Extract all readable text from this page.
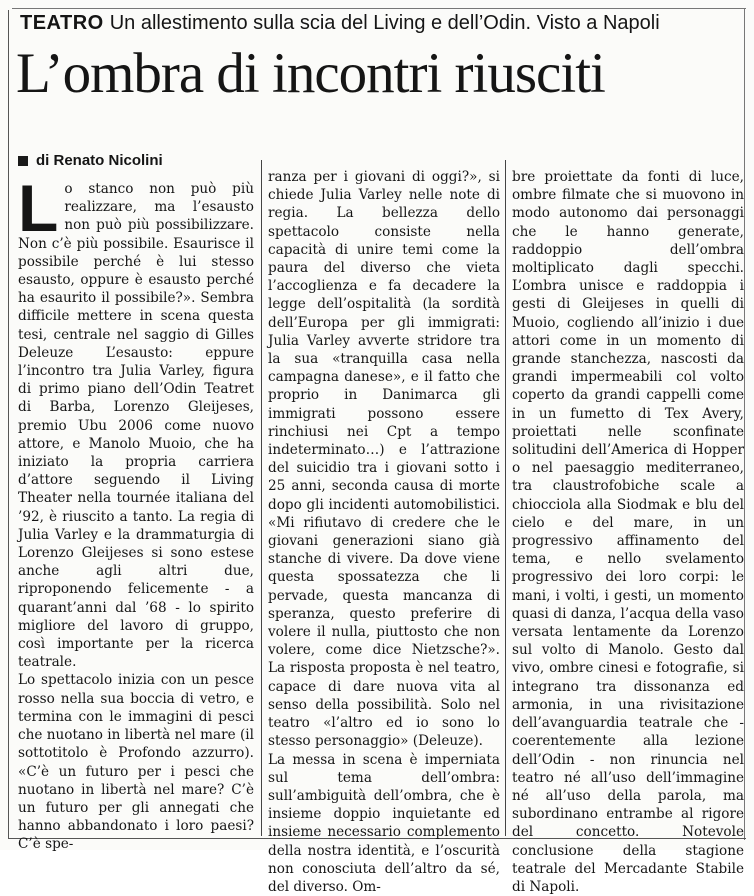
TEATRO Un allestimento sulla scia del Living e dell’Odin. Visto a Napoli
L’ombra di incontri riusciti
di Renato Nicolini

Lo stanco non può più realizzare, ma l’esausto non può più possibilizzare. Non c’è più possibile. Esaurisce il possibile perché è lui stesso esausto, oppure è esausto perché ha esaurito il possibile?». Sembra difficile mettere in scena questa tesi, centrale nel saggio di Gilles Deleuze L’esausto: eppure l’incontro tra Julia Varley, figura di primo piano dell’Odin Teatret di Barba, Lorenzo Gleijeses, premio Ubu 2006 come nuovo attore, e Manolo Muoio, che ha iniziato la propria carriera d’attore seguendo il Living Theater nella tournée italiana del ’92, è riuscito a tanto. La regia di Julia Varley e la drammaturgia di Lorenzo Gleijeses si sono estese anche agli altri due, riproponendo felicemente - a quarant’anni dal ’68 - lo spirito migliore del lavoro di gruppo, così importante per la ricerca teatrale.

Lo spettacolo inizia con un pesce rosso nella sua boccia di vetro, e termina con le immagini di pesci che nuotano in libertà nel mare (il sottotitolo è Profondo azzurro). «C’è un futuro per i pesci che nuotano in libertà nel mare? C’è un futuro per gli annegati che hanno abbandonato i loro paesi? C’è spe-

ranza per i giovani di oggi?», si chiede Julia Varley nelle note di regia. La bellezza dello spettacolo consiste nella capacità di unire temi come la paura del diverso che vieta l’accoglienza e fa decadere la legge dell’ospitalità (la sordità dell’Europa per gli immigrati: Julia Varley avverte stridore tra la sua «tranquilla casa nella campagna danese», e il fatto che proprio in Danimarca gli immigrati possono essere rinchiusi nei Cpt a tempo indeterminato…) e l’attrazione del suicidio tra i giovani sotto i 25 anni, seconda causa di morte dopo gli incidenti automobilistici. «Mi rifiutavo di credere che le giovani generazioni siano già stanche di vivere. Da dove viene questa spossatezza che li pervade, questa mancanza di speranza, questo preferire di volere il nulla, piuttosto che non volere, come dice Nietzsche?». La risposta proposta è nel teatro, capace di dare nuova vita al senso della possibilità. Solo nel teatro «l’altro ed io sono lo stesso personaggio» (Deleuze).

La messa in scena è imperniata sul tema dell’ombra: sull’ambiguità dell’ombra, che è insieme doppio inquietante ed insieme necessario complemento della nostra identità, e l’oscurità non conosciuta dell’altro da sé, del diverso. Om-

bre proiettate da fonti di luce, ombre filmate che si muovono in modo autonomo dai personaggi che le hanno generate, raddoppio dell’ombra moltiplicato dagli specchi. L’ombra unisce e raddoppia i gesti di Gleijeses in quelli di Muoio, cogliendo all’inizio i due attori come in un momento di grande stanchezza, nascosti da grandi impermeabili col volto coperto da grandi cappelli come in un fumetto di Tex Avery, proiettati nelle sconfinate solitudini dell’America di Hopper o nel paesaggio mediterraneo, tra claustrofobiche scale a chiocciola alla Siodmak e blu del cielo e del mare, in un progressivo affinamento del tema, e nello svelamento progressivo dei loro corpi: le mani, i volti, i gesti, un momento quasi di danza, l’acqua della vaso versata lentamente da Lorenzo sul volto di Manolo. Gesto dal vivo, ombre cinesi e fotografie, si integrano tra dissonanza ed armonia, in una rivisitazione dell’avanguardia teatrale che - coerentemente alla lezione dell’Odin - non rinuncia nel teatro né all’uso dell’immagine né all’uso della parola, ma subordinano entrambe al rigore del concetto. Notevole conclusione della stagione teatrale del Mercadante Stabile di Napoli.
